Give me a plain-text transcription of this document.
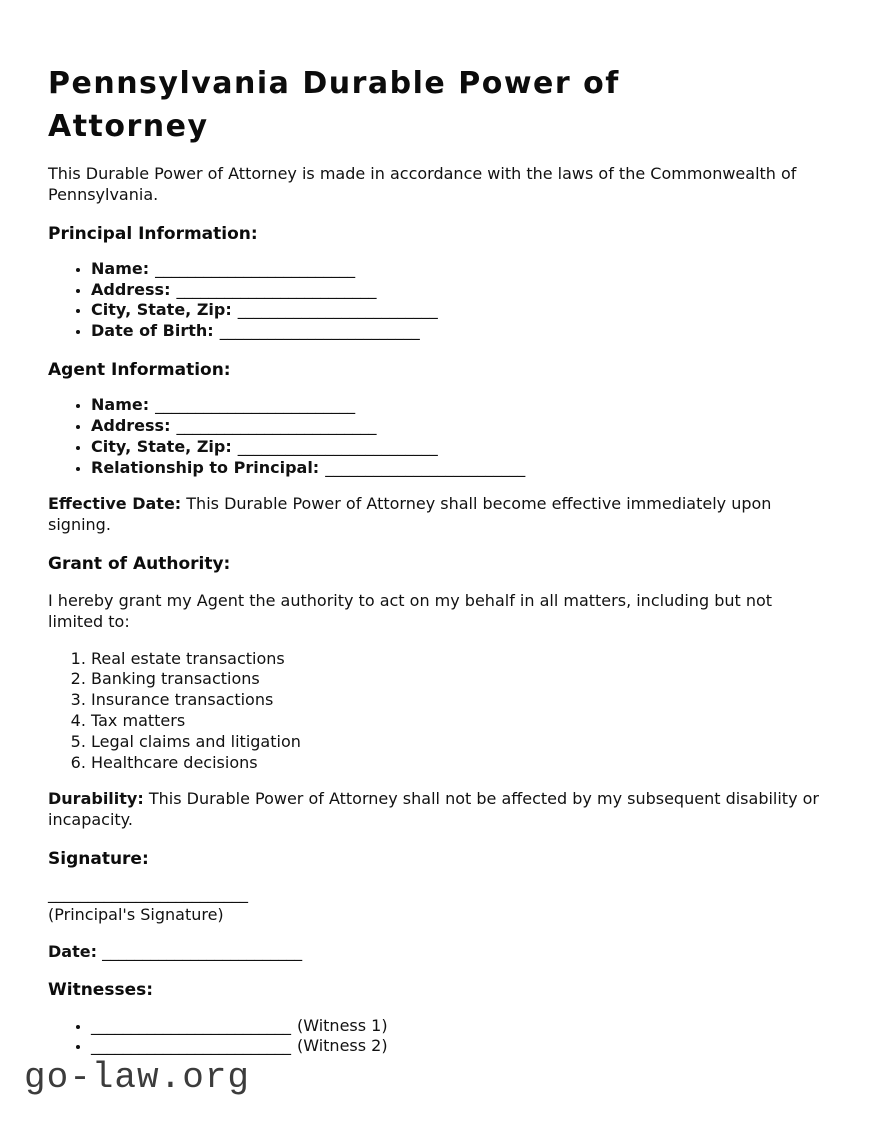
Pennsylvania Durable Power of Attorney

This Durable Power of Attorney is made in accordance with the laws of the Commonwealth of Pennsylvania.

Principal Information:
• Name: _________________________
• Address: _________________________
• City, State, Zip: _________________________
• Date of Birth: _________________________
Agent Information:
• Name: _________________________
• Address: _________________________
• City, State, Zip: _________________________
• Relationship to Principal: _________________________

Effective Date: This Durable Power of Attorney shall become effective immediately upon signing.

Grant of Authority:

I hereby grant my Agent the authority to act on my behalf in all matters, including but not limited to:

1. Real estate transactions
2. Banking transactions
3. Insurance transactions
4. Tax matters
5. Legal claims and litigation
6. Healthcare decisions

Durability: This Durable Power of Attorney shall not be affected by my subsequent disability or incapacity.

Signature:

_________________________
(Principal's Signature)

Date: _________________________

Witnesses:
• _________________________ (Witness 1)
• _________________________ (Witness 2)
go-law.org
